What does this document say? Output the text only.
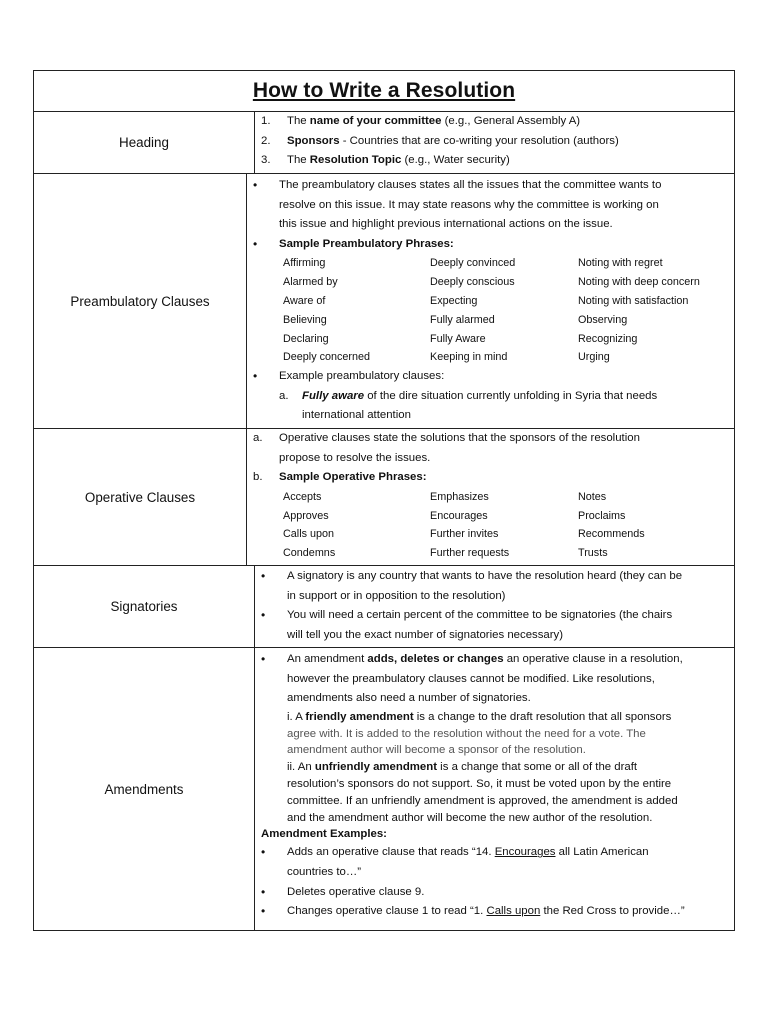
How to Write a Resolution
Heading
1.	The name of your committee (e.g., General Assembly A)
2.	Sponsors - Countries that are co-writing your resolution (authors)
3.	The Resolution Topic (e.g., Water security)
Preambulatory Clauses
•	The preambulatory clauses states all the issues that the committee wants to
resolve on this issue. It may state reasons why the committee is working on
this issue and highlight previous international actions on the issue.
•	Sample Preambulatory Phrases:
Affirming	Deeply convinced	Noting with regret
Alarmed by	Deeply conscious	Noting with deep concern
Aware of	Expecting	Noting with satisfaction
Believing	Fully alarmed	Observing
Declaring	Fully Aware	Recognizing
Deeply concerned	Keeping in mind	Urging
•	Example preambulatory clauses:
a.	Fully aware of the dire situation currently unfolding in Syria that needs
international attention
Operative Clauses
a.	Operative clauses state the solutions that the sponsors of the resolution
propose to resolve the issues.
b.	Sample Operative Phrases:
Accepts	Emphasizes	Notes
Approves	Encourages	Proclaims
Calls upon	Further invites	Recommends
Condemns	Further requests	Trusts
Signatories
•	A signatory is any country that wants to have the resolution heard (they can be
in support or in opposition to the resolution)
•	You will need a certain percent of the committee to be signatories (the chairs
will tell you the exact number of signatories necessary)
Amendments
•	An amendment adds, deletes or changes an operative clause in a resolution,
however the preambulatory clauses cannot be modified. Like resolutions,
amendments also need a number of signatories.
i. A friendly amendment is a change to the draft resolution that all sponsors
agree with. It is added to the resolution without the need for a vote. The
amendment author will become a sponsor of the resolution.
ii. An unfriendly amendment is a change that some or all of the draft
resolution’s sponsors do not support. So, it must be voted upon by the entire
committee. If an unfriendly amendment is approved, the amendment is added
and the amendment author will become the new author of the resolution.
Amendment Examples:
•	Adds an operative clause that reads “14. Encourages all Latin American
countries to…”
•	Deletes operative clause 9.
•	Changes operative clause 1 to read “1. Calls upon the Red Cross to provide…”
